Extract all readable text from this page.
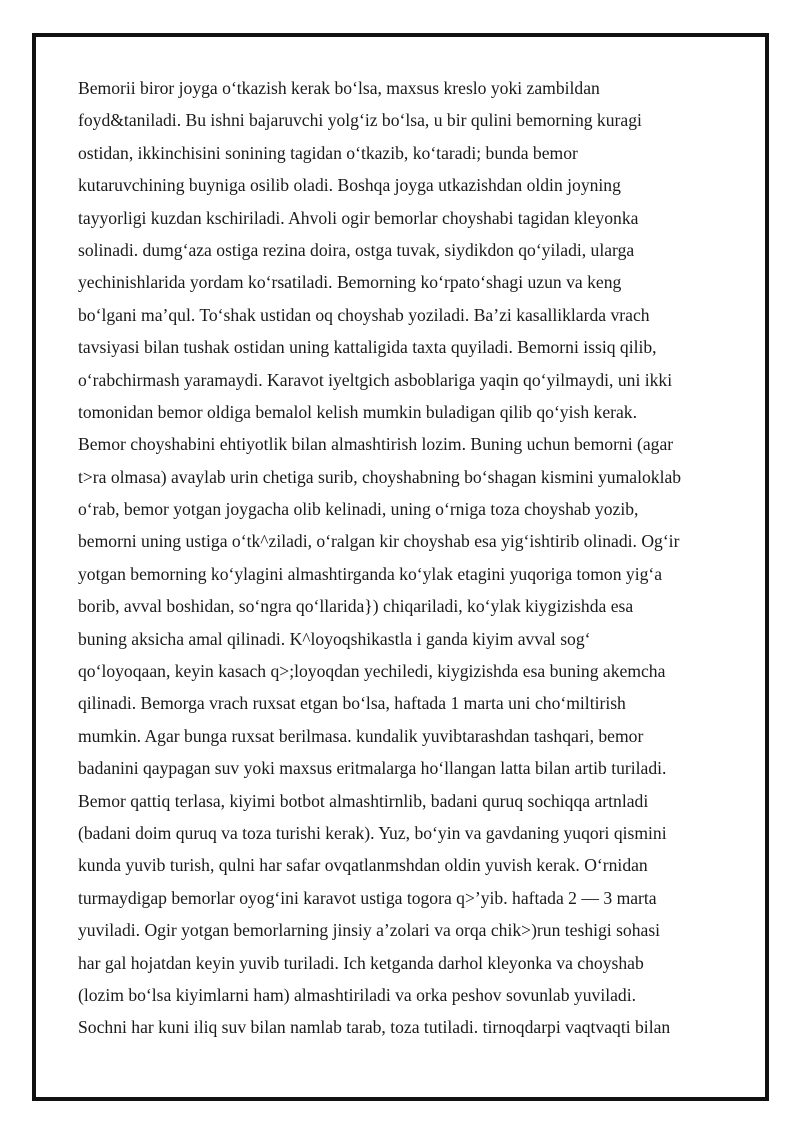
Bemorii biror joyga o‘tkazish kerak bo‘lsa, maxsus kreslo yoki zambildan
foyd&taniladi. Bu ishni bajaruvchi yolg‘iz bo‘lsa, u bir qulini bemorning kuragi
ostidan, ikkinchisini sonining tagidan o‘tkazib, ko‘taradi; bunda bemor
kutaruvchining buyniga osilib oladi. Boshqa joyga utkazishdan oldin joyning
tayyorligi kuzdan kschiriladi. Ahvoli ogir bemorlar choyshabi tagidan kleyonka
solinadi. dumg‘aza ostiga rezina doira, ostga tuvak, siydikdon qo‘yiladi, ularga
yechinishlarida yordam ko‘rsatiladi. Bemorning ko‘rpato‘shagi uzun va keng
bo‘lgani ma’qul. To‘shak ustidan oq choyshab yoziladi. Ba’zi kasalliklarda vrach
tavsiyasi bilan tushak ostidan uning kattaligida taxta quyiladi. Bemorni issiq qilib,
o‘rabchirmash yaramaydi. Karavot iyeltgich asboblariga yaqin qo‘yilmaydi, uni ikki
tomonidan bemor oldiga bemalol kelish mumkin buladigan qilib qo‘yish kerak.
Bemor choyshabini ehtiyotlik bilan almashtirish lozim. Buning uchun bemorni (agar
t>ra olmasa) avaylab urin chetiga surib, choyshabning bo‘shagan kismini yumaloklab
o‘rab, bemor yotgan joygacha olib kelinadi, uning o‘rniga toza choyshab yozib,
bemorni uning ustiga o‘tk^ziladi, o‘ralgan kir choyshab esa yig‘ishtirib olinadi. Og‘ir
yotgan bemorning ko‘ylagini almashtirganda ko‘ylak etagini yuqoriga tomon yig‘a
borib, avval boshidan, so‘ngra qo‘llarida}) chiqariladi, ko‘ylak kiygizishda esa
buning aksicha amal qilinadi. K^loyoqshikastla i ganda kiyim avval sog‘
qo‘loyoqaan, keyin kasach q>;loyoqdan yechiledi, kiygizishda esa buning akemcha
qilinadi. Bemorga vrach ruxsat etgan bo‘lsa, haftada 1 marta uni cho‘miltirish
mumkin. Agar bunga ruxsat berilmasa. kundalik yuvibtarashdan tashqari, bemor
badanini qaypagan suv yoki maxsus eritmalarga ho‘llangan latta bilan artib turiladi.
Bemor qattiq terlasa, kiyimi botbot almashtirnlib, badani quruq sochiqqa artnladi
(badani doim quruq va toza turishi kerak). Yuz, bo‘yin va gavdaning yuqori qismini
kunda yuvib turish, qulni har safar ovqatlanmshdan oldin yuvish kerak. O‘rnidan
turmaydigap bemorlar oyog‘ini karavot ustiga togora q>’yib. haftada 2 — 3 marta
yuviladi. Ogir yotgan bemorlarning jinsiy a’zolari va orqa chik>)run teshigi sohasi
har gal hojatdan keyin yuvib turiladi. Ich ketganda darhol kleyonka va choyshab
(lozim bo‘lsa kiyimlarni ham) almashtiriladi va orka peshov sovunlab yuviladi.
Sochni har kuni iliq suv bilan namlab tarab, toza tutiladi. tirnoqdarpi vaqtvaqti bilan
